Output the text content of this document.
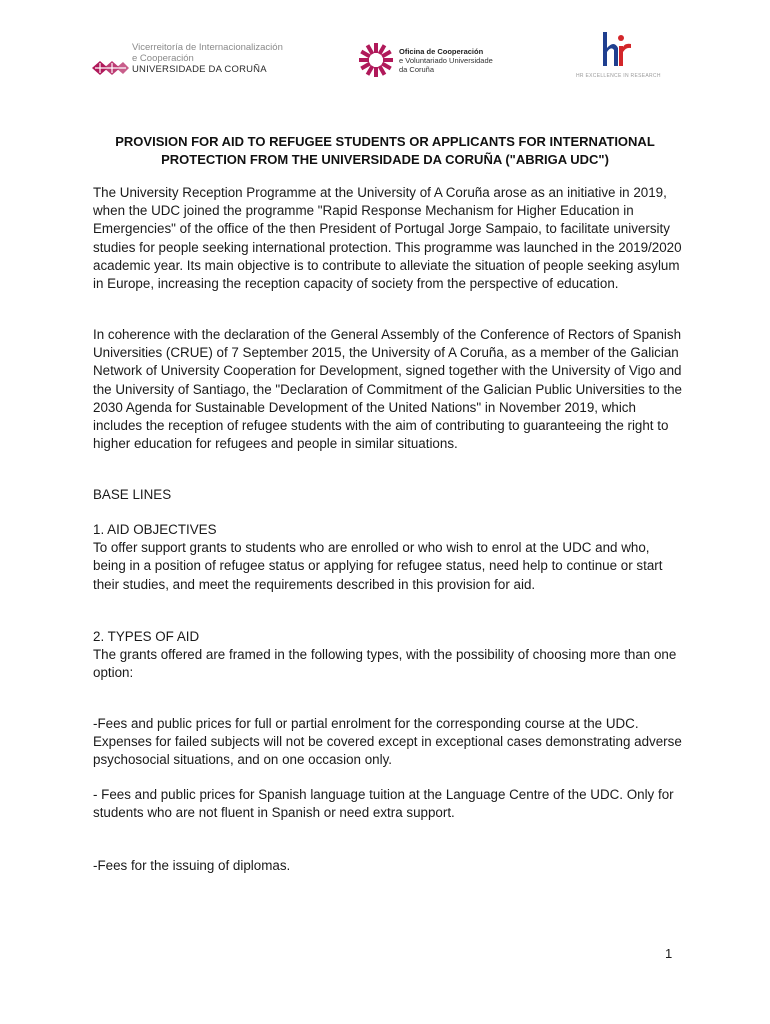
Vicerreitoría de Internacionalización
e Cooperación
UNIVERSIDADE DA CORUÑA
Oficina de Cooperación
e Voluntariado Universidade
da Coruña
HR EXCELLENCE IN RESEARCH
PROVISION FOR AID TO REFUGEE STUDENTS OR APPLICANTS FOR INTERNATIONAL
PROTECTION FROM THE UNIVERSIDADE DA CORUÑA ("ABRIGA UDC")
The University Reception Programme at the University of A Coruña arose as an initiative in 2019, when the UDC joined the programme "Rapid Response Mechanism for Higher Education in Emergencies" of the office of the then President of Portugal Jorge Sampaio, to facilitate university studies for people seeking international protection. This programme was launched in the 2019/2020 academic year. Its main objective is to contribute to alleviate the situation of people seeking asylum in Europe, increasing the reception capacity of society from the perspective of education.
In coherence with the declaration of the General Assembly of the Conference of Rectors of Spanish Universities (CRUE) of 7 September 2015, the University of A Coruña, as a member of the Galician Network of University Cooperation for Development, signed together with the University of Vigo and the University of Santiago, the "Declaration of Commitment of the Galician Public Universities to the 2030 Agenda for Sustainable Development of the United Nations" in November 2019, which includes the reception of refugee students with the aim of contributing to guaranteeing the right to higher education for refugees and people in similar situations.
BASE LINES
1. AID OBJECTIVES
To offer support grants to students who are enrolled or who wish to enrol at the UDC and who, being in a position of refugee status or applying for refugee status, need help to continue or start their studies, and meet the requirements described in this provision for aid.
2. TYPES OF AID
The grants offered are framed in the following types, with the possibility of choosing more than one option:
-Fees and public prices for full or partial enrolment for the corresponding course at the UDC. Expenses for failed subjects will not be covered except in exceptional cases demonstrating adverse psychosocial situations, and on one occasion only.
- Fees and public prices for Spanish language tuition at the Language Centre of the UDC. Only for students who are not fluent in Spanish or need extra support.
-Fees for the issuing of diplomas.
1
